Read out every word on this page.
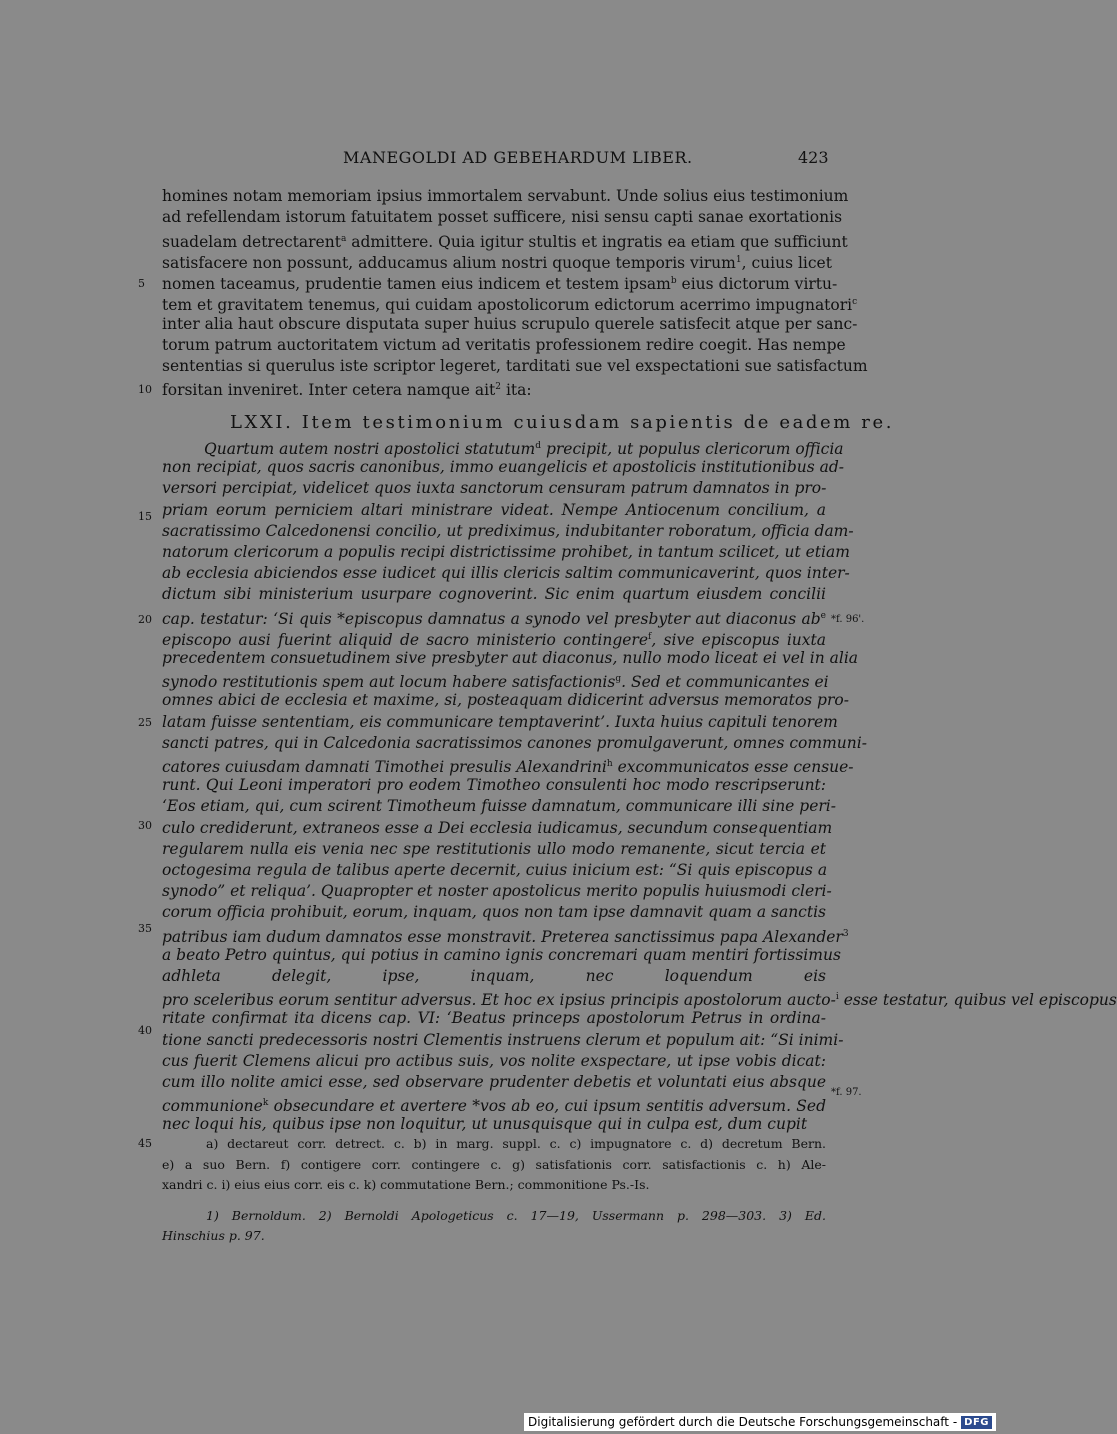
MANEGOLDI AD GEBEHARDUM LIBER.	423
homines notam memoriam ipsius immortalem servabunt. Unde solius eius testimonium
ad refellendam istorum fatuitatem posset sufficere, nisi sensu capti sanae exortationis
suadelam detrectarent$^a$ admittere. Quia igitur stultis et ingratis ea etiam que sufficiunt
satisfacere non possunt, adducamus alium nostri quoque temporis virum$^1$, cuius licet
nomen taceamus, prudentie tamen eius indicem et testem ipsam$^b$ eius dictorum virtu-
tem et gravitatem tenemus, qui cuidam apostolicorum edictorum acerrimo impugnatori$^c$
inter alia haut obscure disputata super huius scrupulo querele satisfecit atque per sanc-
torum patrum auctoritatem victum ad veritatis professionem redire coegit. Has nempe
sententias si querulus iste scriptor legeret, tarditati sue vel exspectationi sue satisfactum
forsitan inveniret. Inter cetera namque ait$^2$ ita:
LXXI. Item testimonium cuiusdam sapientis de eadem re.
Quartum autem nostri apostolici statutum$^d$ precipit, ut populus clericorum officia
non recipiat, quos sacris canonibus, immo euangelicis et apostolicis institutionibus ad-
versori percipiat, videlicet quos iuxta sanctorum censuram patrum damnatos in pro-
priam eorum perniciem altari ministrare videat. Nempe Antiocenum concilium, a
sacratissimo Calcedonensi concilio, ut prediximus, indubitanter roboratum, officia dam-
natorum clericorum a populis recipi districtissime prohibet, in tantum scilicet, ut etiam
ab ecclesia abiciendos esse iudicet qui illis clericis saltim communicaverint, quos inter-
dictum sibi ministerium usurpare cognoverint. Sic enim quartum eiusdem concilii
cap. testatur: ‘Si quis *episcopus damnatus a synodo vel presbyter aut diaconus $ab^e$
episcopo ausi fuerint aliquid de sacro ministerio contingere$^f$, sive episcopus iuxta
precedentem consuetudinem sive presbyter aut diaconus, nullo modo liceat ei vel in alia
synodo restitutionis spem aut locum habere satisfactionis$^g$. Sed et communicantes ei
omnes abici de ecclesia et maxime, si, posteaquam didicerint adversus memoratos pro-
latam fuisse sententiam, eis communicare temptaverint’. Iuxta huius capituli tenorem
sancti patres, qui in Calcedonia sacratissimos canones promulgaverunt, omnes communi-
catores cuiusdam damnati Timothei presulis Alexandrini$^h$ excommunicatos esse censue-
runt. Qui Leoni imperatori pro eodem Timotheo consulenti hoc modo rescripserunt:
‘Eos etiam, qui, cum scirent Timotheum fuisse damnatum, communicare illi sine peri-
culo crediderunt, extraneos esse a Dei ecclesia iudicamus, secundum consequentiam
regularem nulla eis venia nec spe restitutionis ullo modo remanente, sicut tercia et
octogesima regula de talibus aperte decernit, cuius inicium est: “Si quis episcopus a
synodo” et reliqua’. Quapropter et noster apostolicus merito populis huiusmodi cleri-
corum officia prohibuit, eorum, inquam, quos non tam ipse damnavit quam a sanctis
patribus iam dudum damnatos esse monstravit. Preterea sanctissimus papa Alexander$^3$
a beato Petro quintus, qui potius in camino ignis concremari quam mentiri fortissimus
adhleta delegit, ipse, inquam, nec loquendum eis
pro sceleribus eorum sentitur adversus. Et hoc ex ipsius principis apostolorum aucto-$^i$ esse testatur, quibus vel episcopus
ritate confirmat ita dicens cap. VI: ‘Beatus princeps apostolorum Petrus in ordina-
tione sancti predecessoris nostri Clementis instruens clerum et populum ait: “Si inimi-
cus fuerit Clemens alicui pro actibus suis, vos nolite exspectare, ut ipse vobis dicat:
cum illo nolite amici esse, sed observare prudenter debetis et voluntati eius absque
communione$^k$ obsecundare et avertere *vos ab eo, cui ipsum sentitis adversum. Sed
nec loqui his, quibus ipse non loquitur, ut unusquisque qui in culpa est, dum cupit
5
10
15
20
25
30
35
40
45
*f. 96'.
*f. 97.
a) dectareut corr. detrect. c. b) in marg. suppl. c. c) impugnatore c. d) decretum Bern.
e) a suo Bern. f) contigere corr. contingere c. g) satisfationis corr. satisfactionis c. h) Ale-
xandri c. i) eius eius corr. eis c. k) commutatione Bern.; commonitione Ps.-Is.
1) Bernoldum. 2) Bernoldi Apologeticus c. 17—19, Ussermann p. 298—303. 3) Ed.
Hinschius p. 97.
Digitalisierung gefördert durch die Deutsche Forschungsgemeinschaft - DFG
